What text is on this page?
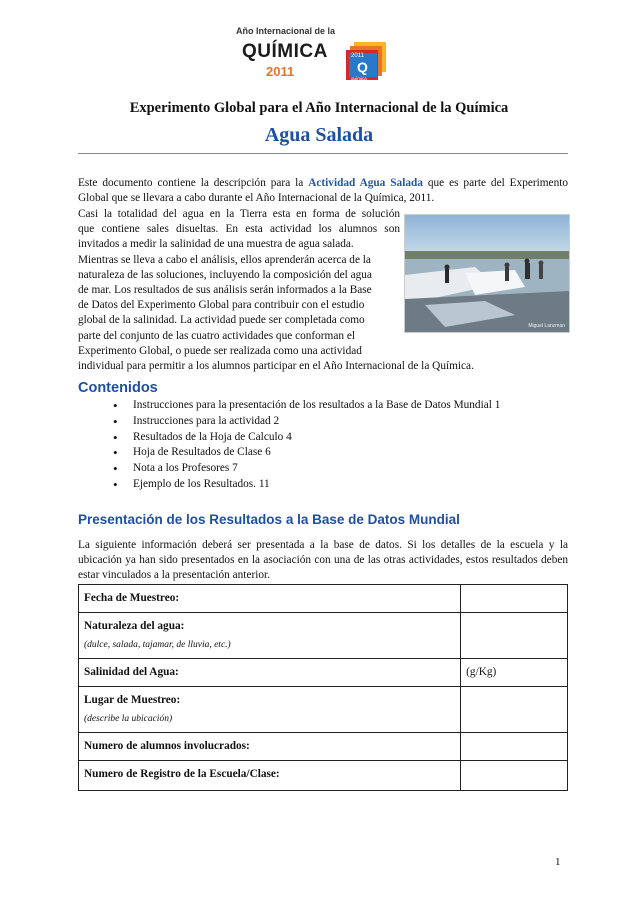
Año Internacional de la
QUÍMICA
2011
2011
Q
química
Experimento Global para el Año Internacional de la Química
Agua Salada
Este documento contiene la descripción para la Actividad Agua Salada que es parte del Experimento Global que se llevara a cabo durante el Año Internacional de la Química, 2011.
Casi la totalidad del agua en la Tierra esta en forma de solución
que contiene sales disueltas. En esta actividad los alumnos son
invitados a medir la salinidad de una muestra de agua salada.
Mientras se lleva a cabo el análisis, ellos aprenderán acerca de la
naturaleza de las soluciones, incluyendo la composición del agua
de mar. Los resultados de sus análisis serán informados a la Base
de Datos del Experimento Global para contribuir con el estudio
global de la salinidad. La actividad puede ser completada como
parte del conjunto de las cuatro actividades que conforman el
Experimento Global, o puede ser realizada como una actividad
individual para permitir a los alumnos participar en el Año Internacional de la Química.
Miguel Lanzman
Contenidos
• Instrucciones para la presentación de los resultados a la Base de Datos Mundial 1
• Instrucciones para la actividad 2
• Resultados de la Hoja de Calculo 4
• Hoja de Resultados de Clase 6
• Nota a los Profesores 7
• Ejemplo de los Resultados. 11
Presentación de los Resultados a la Base de Datos Mundial
La siguiente información deberá ser presentada a la base de datos. Si los detalles de la escuela y la ubicación ya han sido presentados en la asociación con una de las otras actividades, estos resultados deben estar vinculados a la presentación anterior.
Fecha de Muestreo:	

Naturaleza del agua:
(dulce, salada, tajamar, de lluvia, etc.)	

Salinidad del Agua:	(g/Kg)

Lugar de Muestreo:
(describe la ubicación)	

Numero de alumnos involucrados:	
Numero de Registro de la Escuela/Clase:	
1
